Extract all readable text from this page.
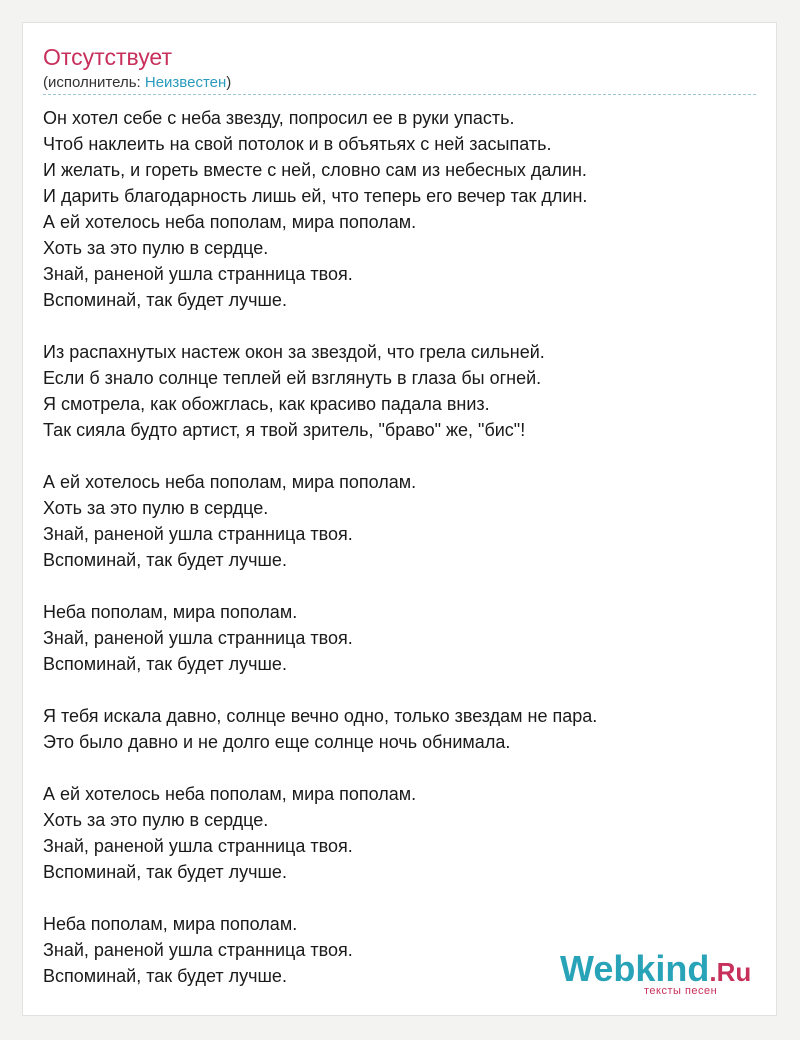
Отсутствует
(исполнитель: Неизвестен)
Он хотел себе с неба звезду, попросил ее в руки упасть.
Чтоб наклеить на свой потолок и в объятьях с ней засыпать.
И желать, и гореть вместе с ней, словно сам из небесных далин.
И дарить благодарность лишь ей, что теперь его вечер так длин.
А ей хотелось неба пополам, мира пополам.
Хоть за это пулю в сердце.
Знай, раненой ушла странница твоя.
Вспоминай, так будет лучше.
Из распахнутых настеж окон за звездой, что грела сильней.
Если б знало солнце теплей ей взглянуть в глаза бы огней.
Я смотрела, как обожглась, как красиво падала вниз.
Так сияла будто артист, я твой зритель, "браво" же, "бис"!
А ей хотелось неба пополам, мира пополам.
Хоть за это пулю в сердце.
Знай, раненой ушла странница твоя.
Вспоминай, так будет лучше.
Неба пополам, мира пополам.
Знай, раненой ушла странница твоя.
Вспоминай, так будет лучше.
Я тебя искала давно, солнце вечно одно, только звездам не пара.
Это было давно и не долго еще солнце ночь обнимала.
А ей хотелось неба пополам, мира пополам.
Хоть за это пулю в сердце.
Знай, раненой ушла странница твоя.
Вспоминай, так будет лучше.
Неба пополам, мира пополам.
Знай, раненой ушла странница твоя.
Вспоминай, так будет лучше.	Webkind.Ru
тексты песен
